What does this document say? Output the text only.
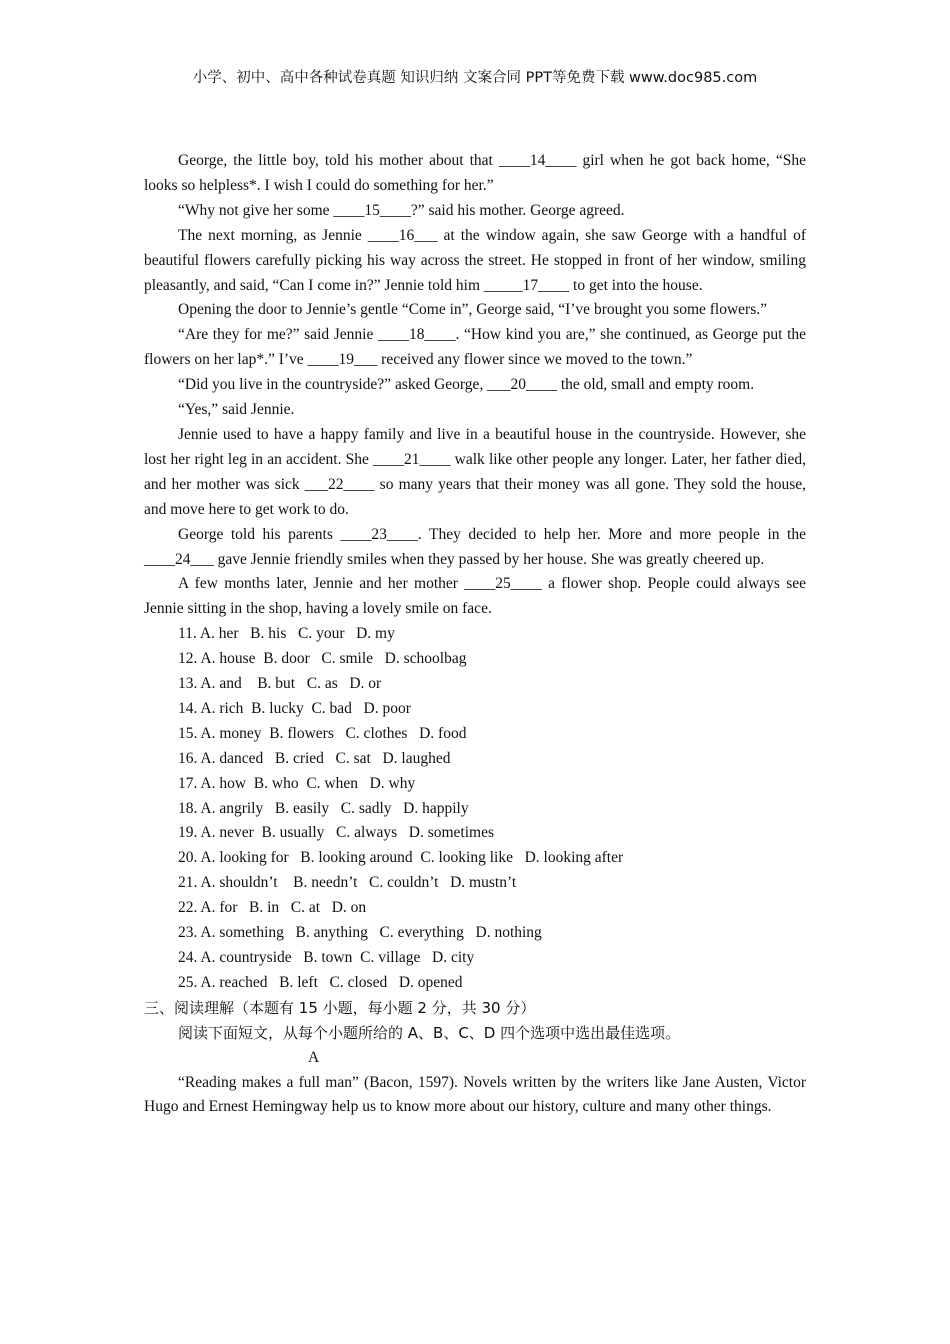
小学、初中、高中各种试卷真题 知识归纳 文案合同 PPT等免费下载 www.doc985.com

George, the little boy, told his mother about that ____14____ girl when he got back home, “She looks so helpless*. I wish I could do something for her.”

“Why not give her some ____15____?” said his mother. George agreed.

The next morning, as Jennie ____16___ at the window again, she saw George with a handful of beautiful flowers carefully picking his way across the street. He stopped in front of her window, smiling pleasantly, and said, “Can I come in?” Jennie told him _____17____ to get into the house.

Opening the door to Jennie’s gentle “Come in”, George said, “I’ve brought you some flowers.”

“Are they for me?” said Jennie ____18____. “How kind you are,” she continued, as George put the flowers on her lap*.” I’ve ____19___ received any flower since we moved to the town.”

“Did you live in the countryside?” asked George, ___20____ the old, small and empty room.

“Yes,” said Jennie.

Jennie used to have a happy family and live in a beautiful house in the countryside. However, she lost her right leg in an accident. She ____21____ walk like other people any longer. Later, her father died, and her mother was sick ___22____ so many years that their money was all gone. They sold the house, and move here to get work to do.

George told his parents ____23____. They decided to help her. More and more people in the ____24___ gave Jennie friendly smiles when they passed by her house. She was greatly cheered up.

A few months later, Jennie and her mother ____25____ a flower shop. People could always see Jennie sitting in the shop, having a lovely smile on face.

11. A. her   B. his   C. your   D. my

12. A. house  B. door   C. smile   D. schoolbag

13. A. and    B. but   C. as   D. or

14. A. rich  B. lucky  C. bad   D. poor

15. A. money  B. flowers   C. clothes   D. food

16. A. danced   B. cried   C. sat   D. laughed

17. A. how  B. who  C. when   D. why

18. A. angrily   B. easily   C. sadly   D. happily

19. A. never  B. usually   C. always   D. sometimes

20. A. looking for   B. looking around  C. looking like   D. looking after

21. A. shouldn’t    B. needn’t   C. couldn’t   D. mustn’t

22. A. for   B. in   C. at   D. on

23. A. something   B. anything   C. everything   D. nothing

24. A. countryside   B. town  C. village   D. city

25. A. reached   B. left   C. closed   D. opened

三、阅读理解（本题有 15 小题，每小题 2 分，共 30 分）

阅读下面短文，从每个小题所给的 A、B、C、D 四个选项中选出最佳选项。

A

“Reading makes a full man” (Bacon, 1597). Novels written by the writers like Jane Austen, Victor Hugo and Ernest Hemingway help us to know more about our history, culture and many other things.
